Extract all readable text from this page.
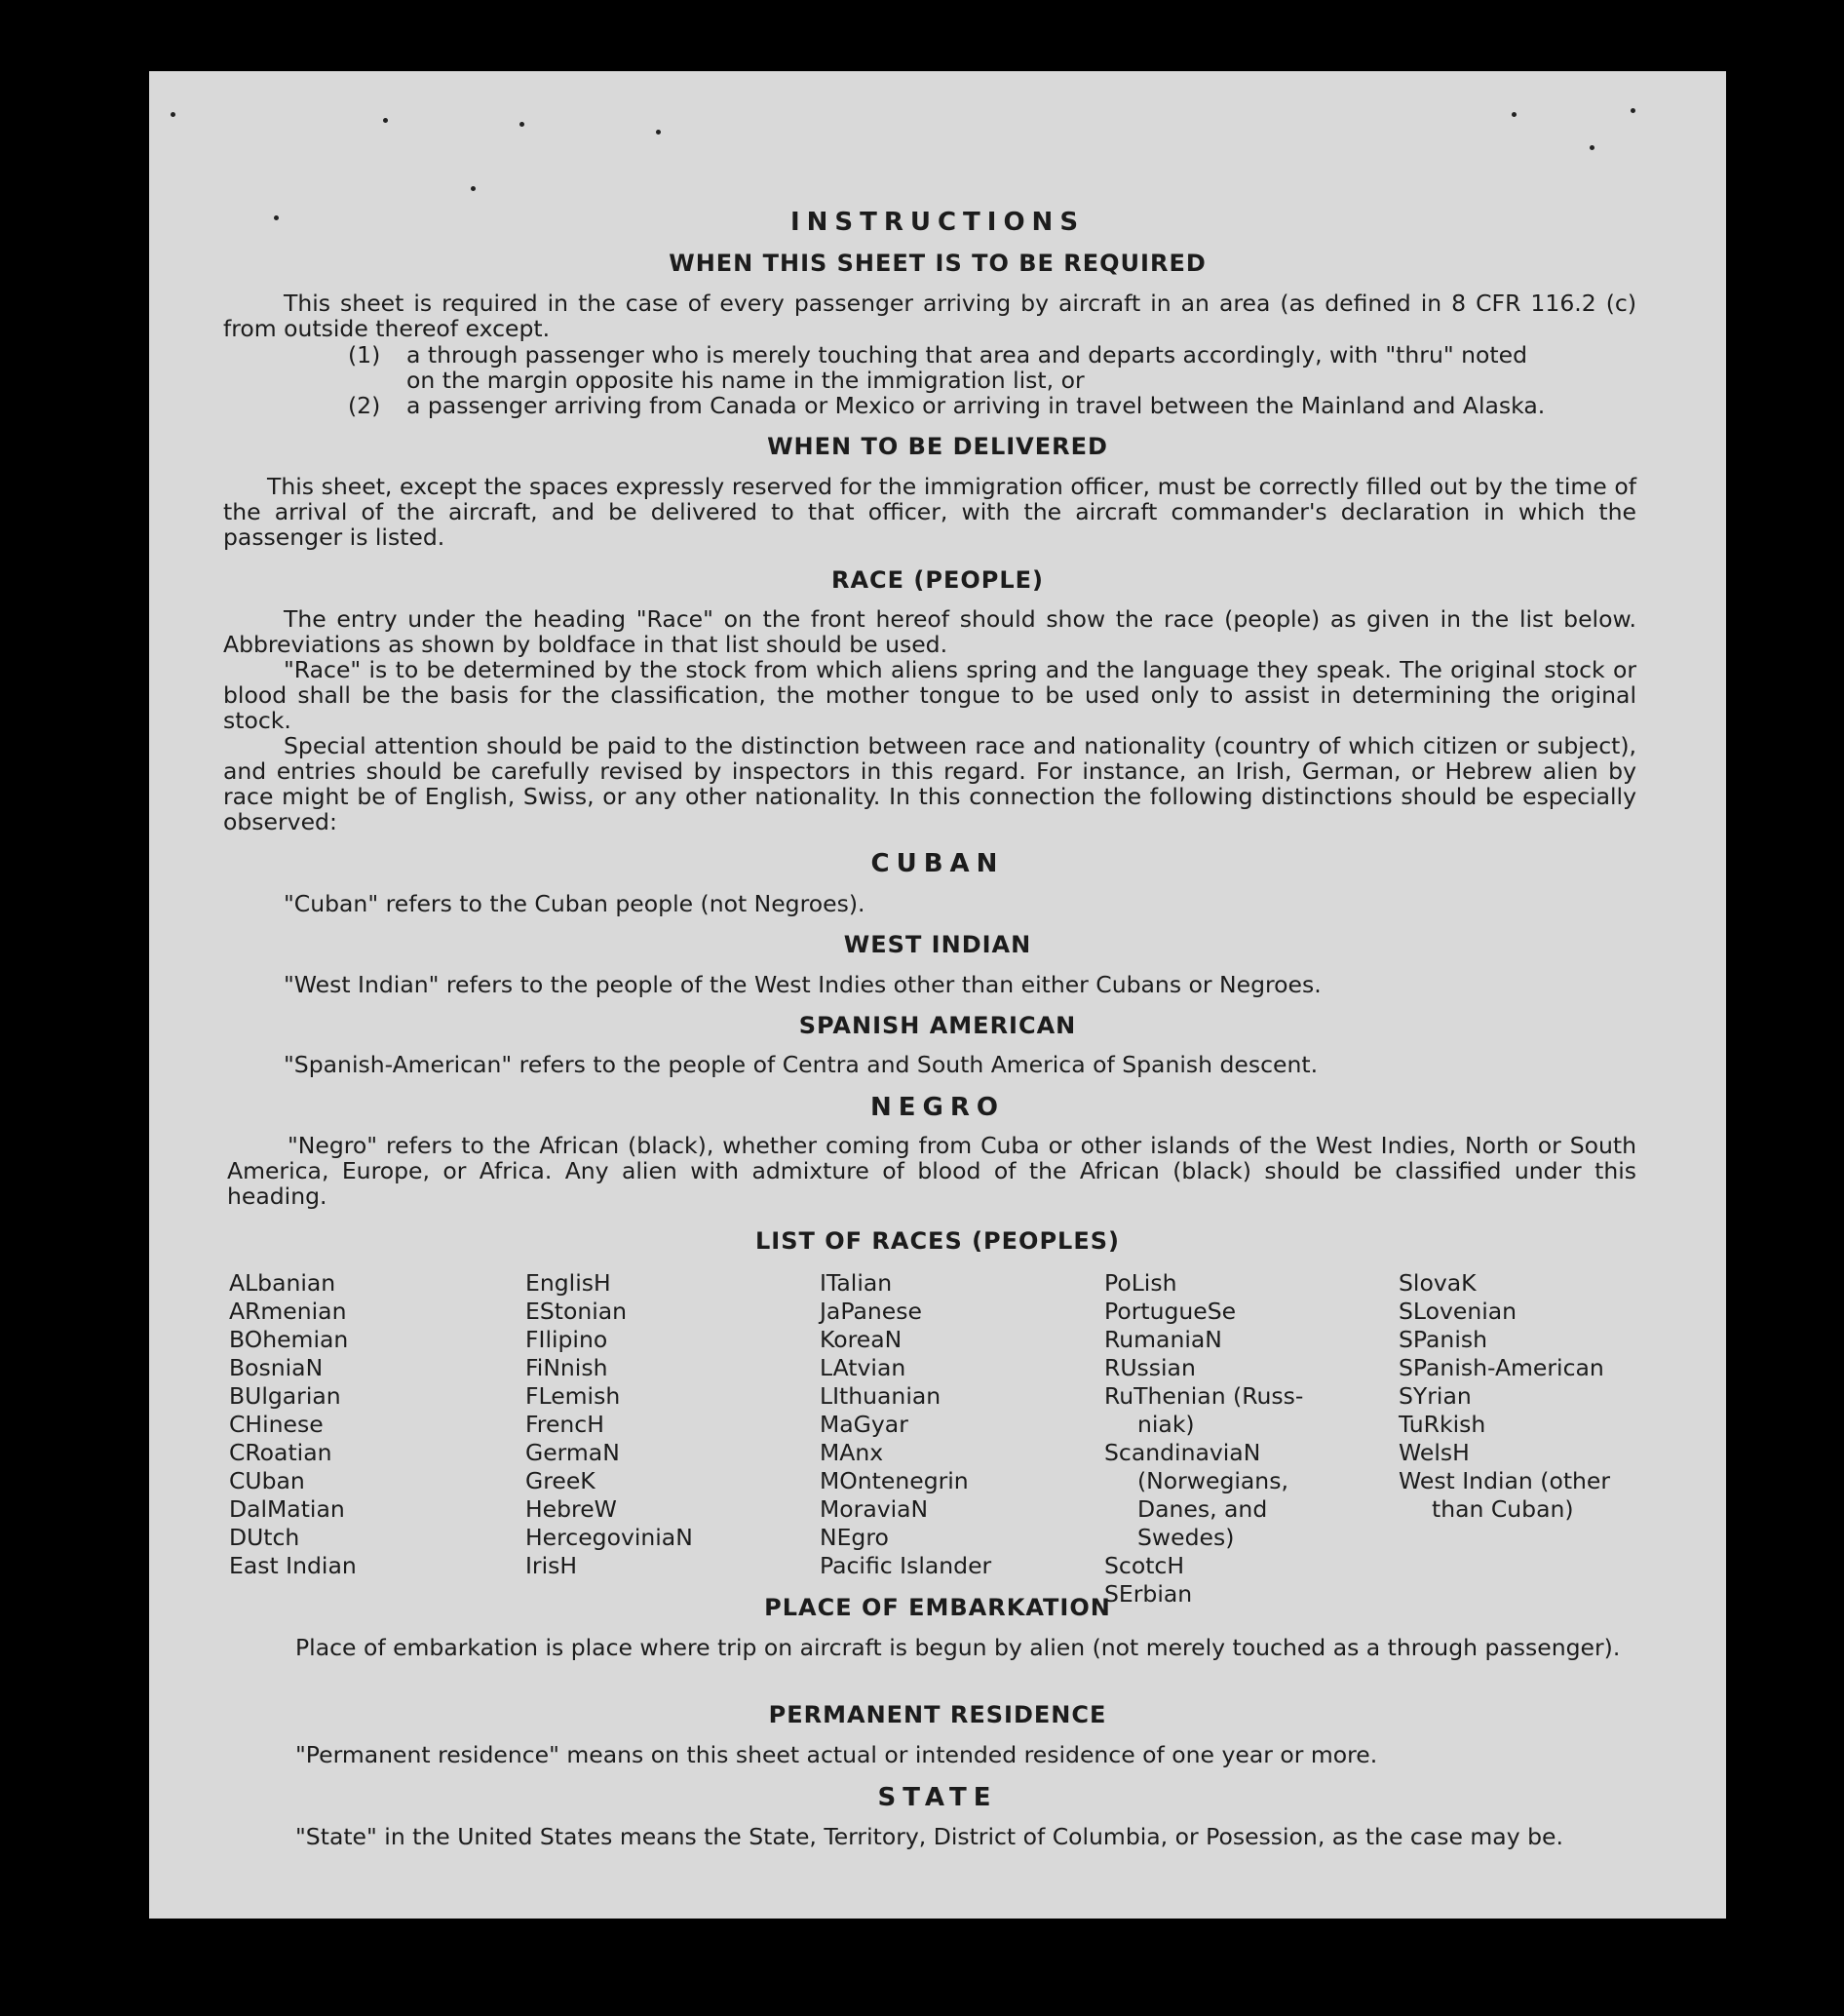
INSTRUCTIONS
WHEN THIS SHEET IS TO BE REQUIRED

This sheet is required in the case of every passenger arriving by aircraft in an area (as defined in 8 CFR 116.2 (c) from outside thereof except.

(1) a through passenger who is merely touching that area and departs accordingly, with "thru" noted
on the margin opposite his name in the immigration list, or
(2) a passenger arriving from Canada or Mexico or arriving in travel between the Mainland and Alaska.
WHEN TO BE DELIVERED

This sheet, except the spaces expressly reserved for the immigration officer, must be correctly filled out by the time of the arrival of the aircraft, and be delivered to that officer, with the aircraft commander's declaration in which the passenger is listed.

RACE (PEOPLE)

The entry under the heading "Race" on the front hereof should show the race (people) as given in the list below. Abbreviations as shown by boldface in that list should be used.

"Race" is to be determined by the stock from which aliens spring and the language they speak. The original stock or blood shall be the basis for the classification, the mother tongue to be used only to assist in determining the original stock.

Special attention should be paid to the distinction between race and nationality (country of which citizen or subject), and entries should be carefully revised by inspectors in this regard. For instance, an Irish, German, or Hebrew alien by race might be of English, Swiss, or any other nationality. In this connection the following distinctions should be especially observed:

CUBAN

"Cuban" refers to the Cuban people (not Negroes).

WEST INDIAN

"West Indian" refers to the people of the West Indies other than either Cubans or Negroes.

SPANISH AMERICAN

"Spanish-American" refers to the people of Centra and South America of Spanish descent.

NEGRO

"Negro" refers to the African (black), whether coming from Cuba or other islands of the West Indies, North or South America, Europe, or Africa. Any alien with admixture of blood of the African (black) should be classified under this heading.

LIST OF RACES (PEOPLES)
ALbanian
ARmenian
BOhemian
BosniaN
BUlgarian
CHinese
CRoatian
CUban
DalMatian
DUtch
East Indian
EnglisH
EStonian
FIlipino
FiNnish
FLemish
FrencH
GermaN
GreeK
HebreW
HercegoviniaN
IrisH
ITalian
JaPanese
KoreaN
LAtvian
LIthuanian
MaGyar
MAnx
MOntenegrin
MoraviaN
NEgro
Pacific Islander
PoLish
PortugueSe
RumaniaN
RUssian
RuThenian (Russ-
niak)
ScandinaviaN
(Norwegians,
Danes, and
Swedes)
ScotcH
SErbian
SlovaK
SLovenian
SPanish
SPanish-American
SYrian
TuRkish
WelsH
West Indian (other
than Cuban)
PLACE OF EMBARKATION

Place of embarkation is place where trip on aircraft is begun by alien (not merely touched as a through passenger).

PERMANENT RESIDENCE

"Permanent residence" means on this sheet actual or intended residence of one year or more.

STATE

"State" in the United States means the State, Territory, District of Columbia, or Posession, as the case may be.
